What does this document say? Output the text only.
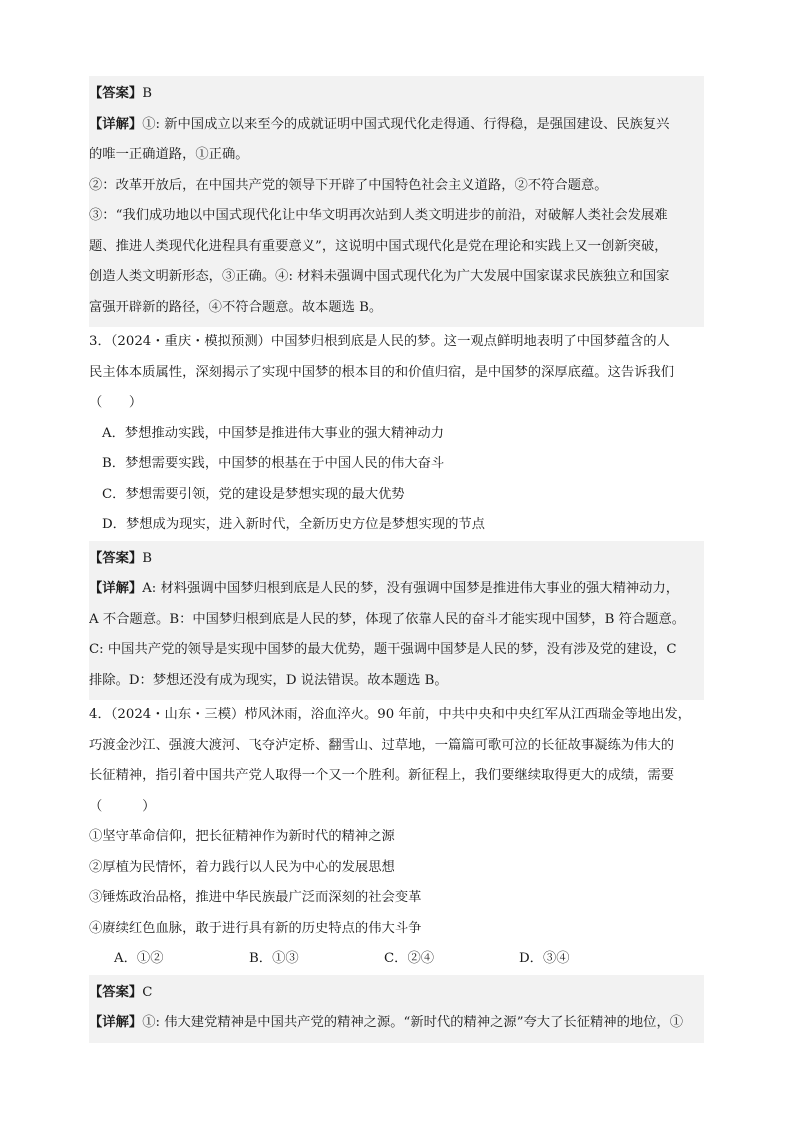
【答案】B
【详解】①: 新中国成立以来至今的成就证明中国式现代化走得通、行得稳，是强国建设、民族复兴
的唯一正确道路，①正确。
②：改革开放后，在中国共产党的领导下开辟了中国特色社会主义道路，②不符合题意。
③：“我们成功地以中国式现代化让中华文明再次站到人类文明进步的前沿，对破解人类社会发展难
题、推进人类现代化进程具有重要意义”，这说明中国式现代化是党在理论和实践上又一创新突破，
创造人类文明新形态，③正确。④: 材料未强调中国式现代化为广大发展中国家谋求民族独立和国家
富强开辟新的路径，④不符合题意。故本题选 B。
3．（2024・重庆・模拟预测）中国梦归根到底是人民的梦。这一观点鲜明地表明了中国梦蕴含的人
民主体本质属性，深刻揭示了实现中国梦的根本目的和价值归宿，是中国梦的深厚底蕴。这告诉我们
（　　）
A．梦想推动实践，中国梦是推进伟大事业的强大精神动力
B．梦想需要实践，中国梦的根基在于中国人民的伟大奋斗
C．梦想需要引领，党的建设是梦想实现的最大优势
D．梦想成为现实，进入新时代，全新历史方位是梦想实现的节点
【答案】B
【详解】A: 材料强调中国梦归根到底是人民的梦，没有强调中国梦是推进伟大事业的强大精神动力，
A 不合题意。B：中国梦归根到底是人民的梦，体现了依靠人民的奋斗才能实现中国梦，B 符合题意。
C: 中国共产党的领导是实现中国梦的最大优势，题干强调中国梦是人民的梦，没有涉及党的建设，C
排除。D：梦想还没有成为现实，D 说法错误。故本题选 B。
4．（2024・山东・三模）栉风沐雨，浴血淬火。90 年前，中共中央和中央红军从江西瑞金等地出发，
巧渡金沙江、强渡大渡河、飞夺泸定桥、翻雪山、过草地，一篇篇可歌可泣的长征故事凝练为伟大的
长征精神，指引着中国共产党人取得一个又一个胜利。新征程上，我们要继续取得更大的成绩，需要
（　　　）
①坚守革命信仰，把长征精神作为新时代的精神之源
②厚植为民情怀，着力践行以人民为中心的发展思想
③锤炼政治品格，推进中华民族最广泛而深刻的社会变革
④赓续红色血脉，敢于进行具有新的历史特点的伟大斗争
A．①②	B．①③	C．②④	D．③④
【答案】C
【详解】①: 伟大建党精神是中国共产党的精神之源。“新时代的精神之源”夸大了长征精神的地位，①
